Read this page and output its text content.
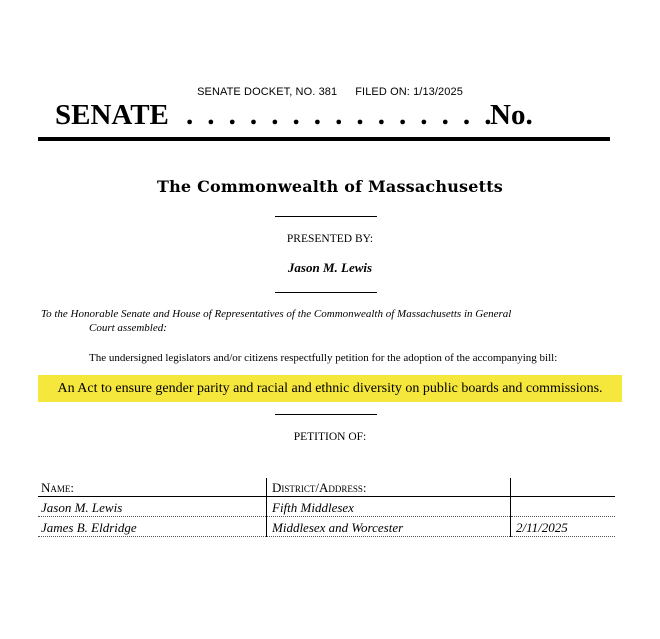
SENATE DOCKET, NO. 381 FILED ON: 1/13/2025
SENATE . . . . . . . . . . . . . . .
No.
The Commonwealth of Massachusetts
PRESENTED BY:
Jason M. Lewis
To the Honorable Senate and House of Representatives of the Commonwealth of Massachusetts in General
Court assembled:
The undersigned legislators and/or citizens respectfully petition for the adoption of the accompanying bill:
An Act to ensure gender parity and racial and ethnic diversity on public boards and commissions.
PETITION OF:
Name:	District/Address:	
Jason M. Lewis	Fifth Middlesex	
James B. Eldridge	Middlesex and Worcester	2/11/2025
